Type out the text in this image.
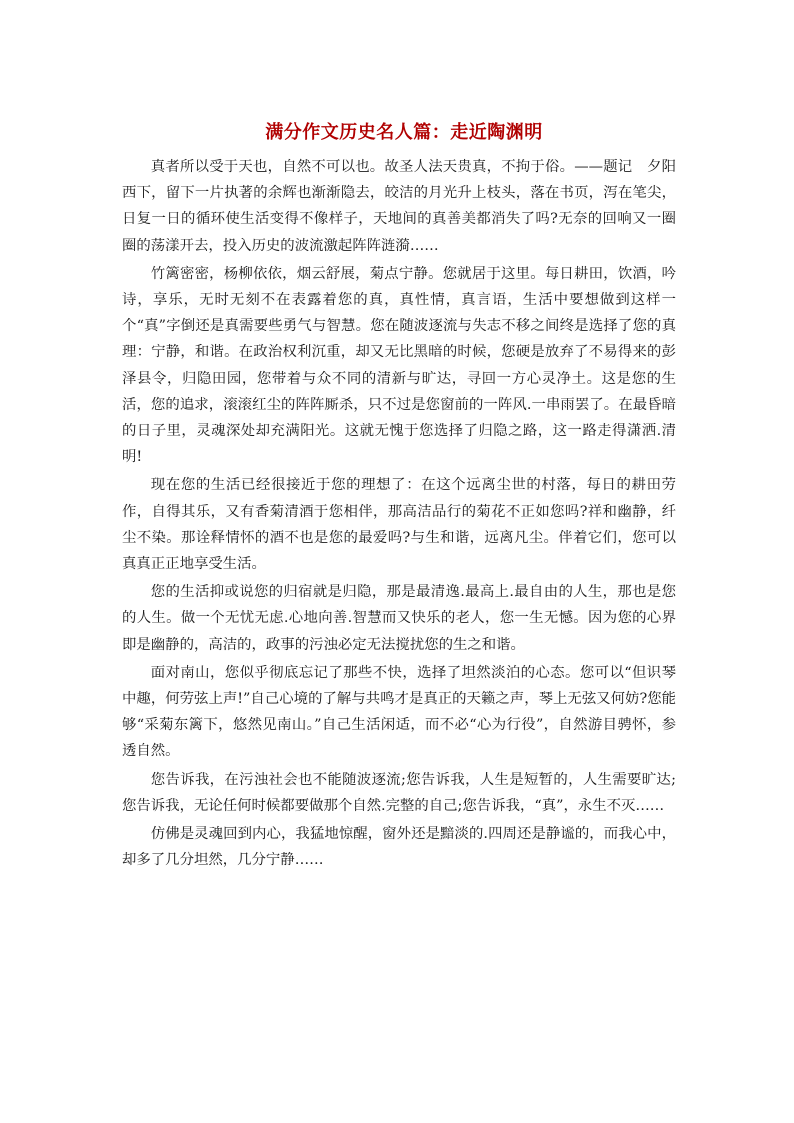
满分作文历史名人篇：走近陶渊明

真者所以受于天也，自然不可以也。故圣人法天贵真，不拘于俗。——题记　夕阳西下，留下一片执著的余辉也渐渐隐去，皎洁的月光升上枝头，落在书页，泻在笔尖，日复一日的循环使生活变得不像样子，天地间的真善美都消失了吗?无奈的回响又一圈圈的荡漾开去，投入历史的波流激起阵阵涟漪……

竹篱密密，杨柳依依，烟云舒展，菊点宁静。您就居于这里。每日耕田，饮酒，吟诗，享乐，无时无刻不在表露着您的真，真性情，真言语，生活中要想做到这样一个“真”字倒还是真需要些勇气与智慧。您在随波逐流与失志不移之间终是选择了您的真理：宁静，和谐。在政治权利沉重，却又无比黑暗的时候，您硬是放弃了不易得来的彭泽县令，归隐田园，您带着与众不同的清新与旷达，寻回一方心灵净土。这是您的生活，您的追求，滚滚红尘的阵阵厮杀，只不过是您窗前的一阵风.一串雨罢了。在最昏暗的日子里，灵魂深处却充满阳光。这就无愧于您选择了归隐之路，这一路走得潇洒.清明!

现在您的生活已经很接近于您的理想了：在这个远离尘世的村落，每日的耕田劳作，自得其乐，又有香菊清酒于您相伴，那高洁品行的菊花不正如您吗?祥和幽静，纤尘不染。那诠释情怀的酒不也是您的最爱吗?与生和谐，远离凡尘。伴着它们，您可以真真正正地享受生活。

您的生活抑或说您的归宿就是归隐，那是最清逸.最高上.最自由的人生，那也是您的人生。做一个无忧无虑.心地向善.智慧而又快乐的老人，您一生无憾。因为您的心界即是幽静的，高洁的，政事的污浊必定无法搅扰您的生之和谐。

面对南山，您似乎彻底忘记了那些不快，选择了坦然淡泊的心态。您可以“但识琴中趣，何劳弦上声!”自己心境的了解与共鸣才是真正的天籁之声，琴上无弦又何妨?您能够“采菊东篱下，悠然见南山。”自己生活闲适，而不必“心为行役”，自然游目骋怀，参透自然。

您告诉我，在污浊社会也不能随波逐流;您告诉我，人生是短暂的，人生需要旷达;您告诉我，无论任何时候都要做那个自然.完整的自己;您告诉我，“真”，永生不灭……

仿佛是灵魂回到内心，我猛地惊醒，窗外还是黯淡的.四周还是静谧的，而我心中，却多了几分坦然，几分宁静……
